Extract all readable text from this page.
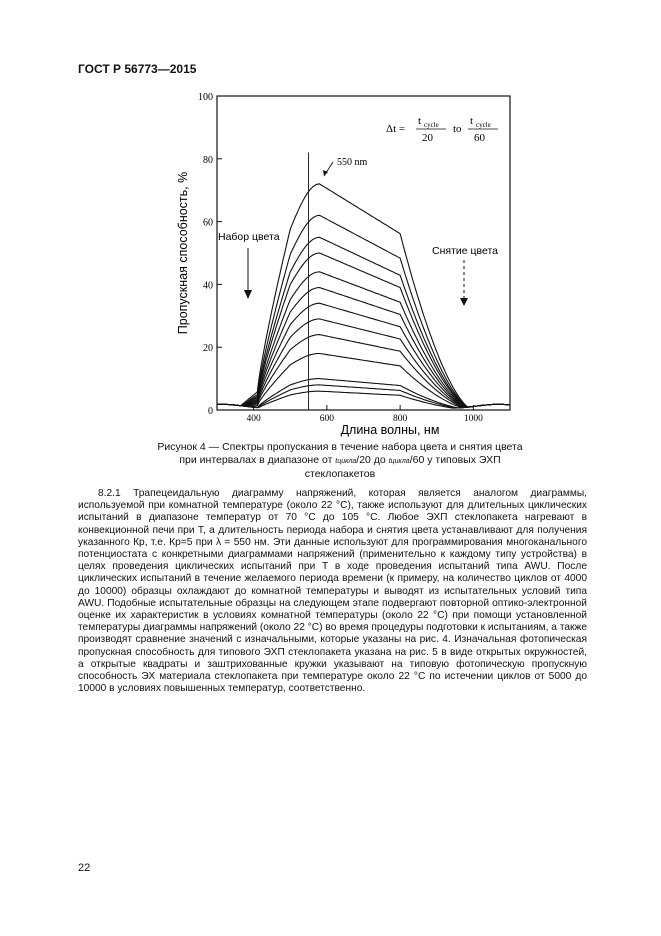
ГОСТ Р 56773—2015
0
20
40
60
80
100
400	600	800	1000
Пропускная способность, %
Длина волны, нм
550 nm
Набор цвета
Снятие цвета
Δt =
t cycle
20
to
t cycle
60
Рисунок 4 — Спектры пропускания в течение набора цвета и снятия цвета
при интервалах в диапазоне от tцикла/20 до tцикла/60 у типовых ЭХП
стеклопакетов
8.2.1 Трапецеидальную диаграмму напряжений, которая является аналогом диаграммы, используемой при комнатной температуре (около 22 °С), также используют для длительных циклических испытаний в диапазоне температур от 70 °С до 105 °С. Любое ЭХП стеклопакета нагревают в конвекционной печи при Т, а длительность периода набора и снятия цвета устанавливают для получения указанного Кр, т.е. Кр=5 при λ = 550 нм. Эти данные используют для программирования многоканального потенциостата с конкретными диаграммами напряжений (применительно к каждому типу устройства) в целях проведения циклических испытаний при Т в ходе проведения испытаний типа AWU. После циклических испытаний в течение желаемого периода времени (к примеру, на количество циклов от 4000 до 10000) образцы охлаждают до комнатной температуры и выводят из испытательных условий типа AWU. Подобные испытательные образцы на следующем этапе подвергают повторной оптико-электронной оценке их характеристик в условиях комнатной температуры (около 22 °С) при помощи установленной температуры диаграммы напряжений (около 22 °С) во время процедуры подготовки к испытаниям, а также производят сравнение значений с изначальными, которые указаны на рис. 4. Изначальная фотопическая пропускная способность для типового ЭХП стеклопакета указана на рис. 5 в виде открытых окружностей, а открытые квадраты и заштрихованные кружки указывают на типовую фотопическую пропускную способность ЭХ материала стеклопакета при температуре около 22 °С по истечении циклов от 5000 до 10000 в условиях повышенных температур, соответственно.
22
